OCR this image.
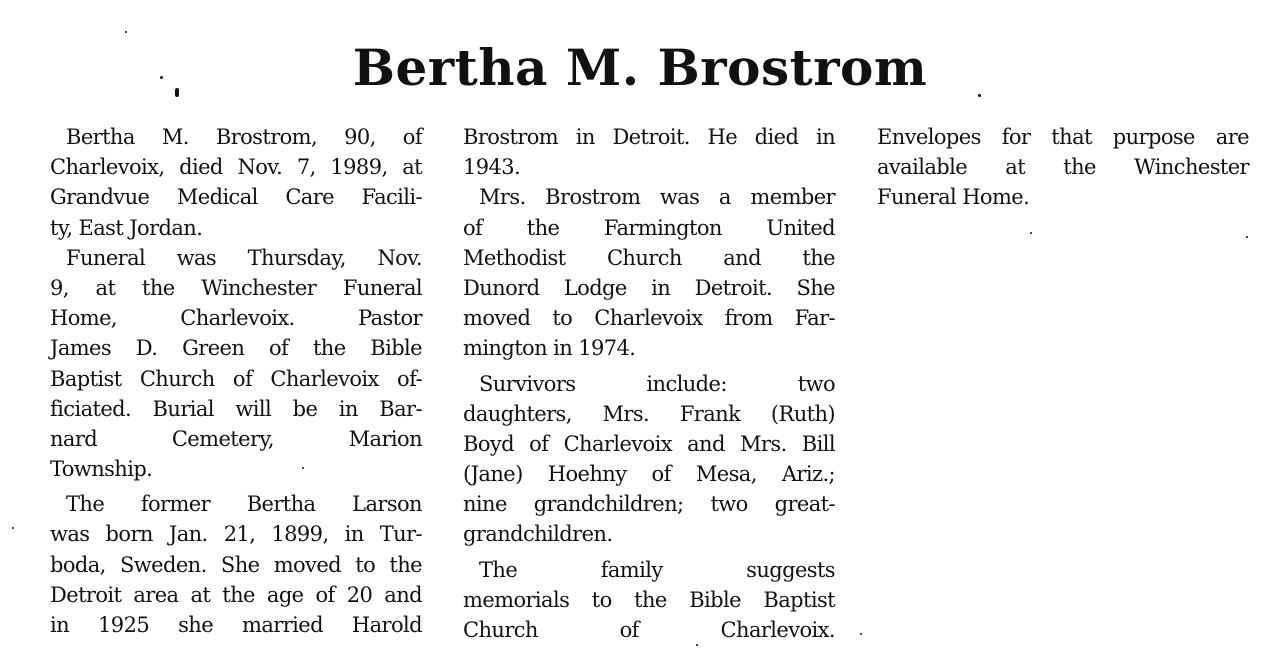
Bertha M. Brostrom
Bertha M. Brostrom, 90, of
Charlevoix, died Nov. 7, 1989, at
Grandvue Medical Care Facili-
ty, East Jordan.
Funeral was Thursday, Nov.
9, at the Winchester Funeral
Home, Charlevoix. Pastor
James D. Green of the Bible
Baptist Church of Charlevoix of-
ficiated. Burial will be in Bar-
nard Cemetery, Marion
Township.
The former Bertha Larson
was born Jan. 21, 1899, in Tur-
boda, Sweden. She moved to the
Detroit area at the age of 20 and
in 1925 she married Harold
Brostrom in Detroit. He died in
1943.
Mrs. Brostrom was a member
of the Farmington United
Methodist Church and the
Dunord Lodge in Detroit. She
moved to Charlevoix from Far-
mington in 1974.
Survivors include: two
daughters, Mrs. Frank (Ruth)
Boyd of Charlevoix and Mrs. Bill
(Jane) Hoehny of Mesa, Ariz.;
nine grandchildren; two great-
grandchildren.
The family suggests
memorials to the Bible Baptist
Church of Charlevoix.
Envelopes for that purpose are
available at the Winchester
Funeral Home.
